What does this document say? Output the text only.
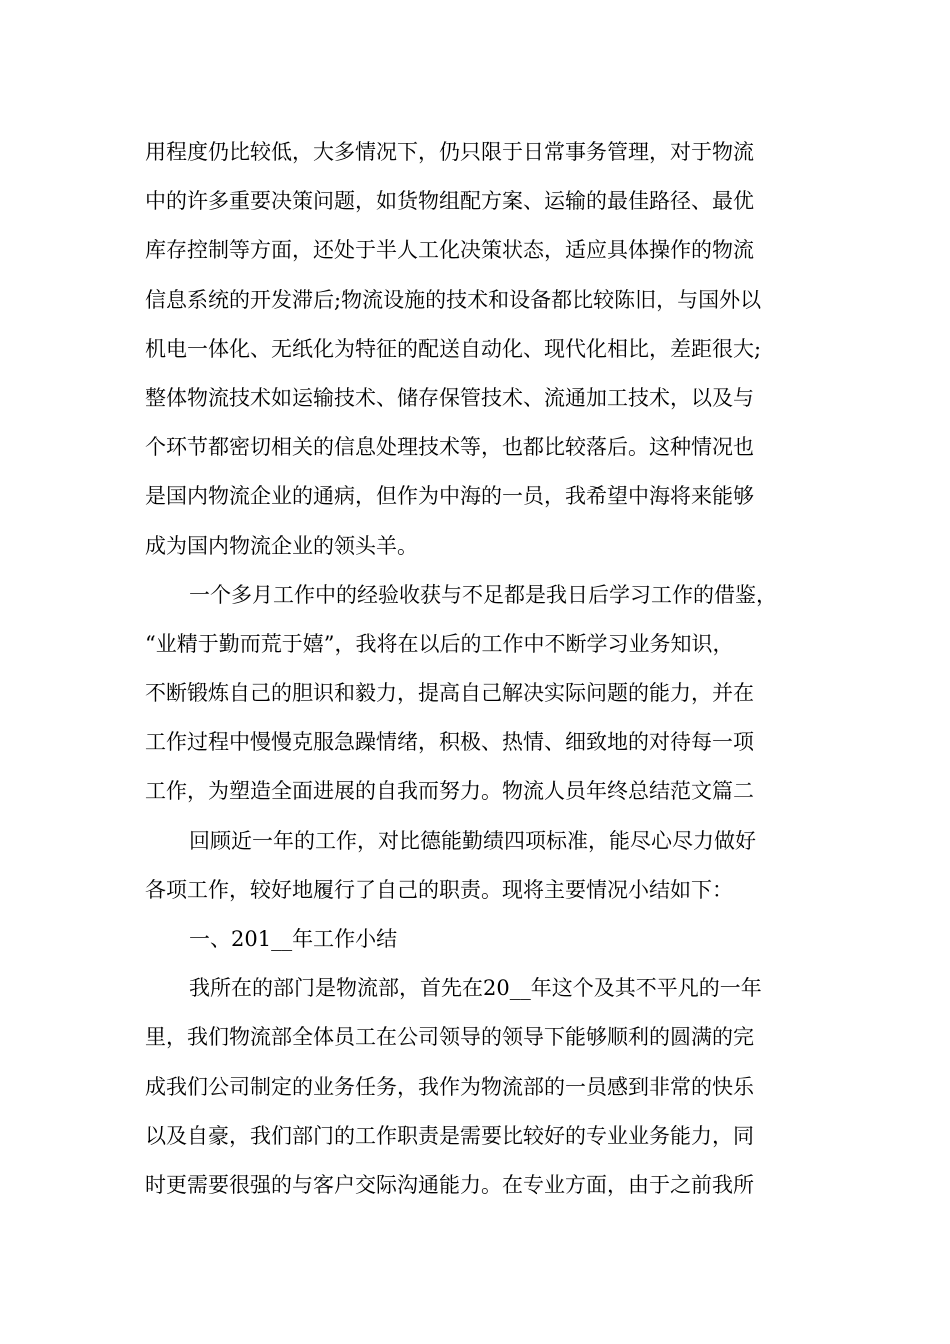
用程度仍比较低，大多情况下，仍只限于日常事务管理，对于物流
中的许多重要决策问题，如货物组配方案、运输的最佳路径、最优
库存控制等方面，还处于半人工化决策状态，适应具体操作的物流
信息系统的开发滞后;物流设施的技术和设备都比较陈旧，与国外以
机电一体化、无纸化为特征的配送自动化、现代化相比，差距很大;
整体物流技术如运输技术、储存保管技术、流通加工技术，以及与
个环节都密切相关的信息处理技术等，也都比较落后。这种情况也
是国内物流企业的通病，但作为中海的一员，我希望中海将来能够
成为国内物流企业的领头羊。
一个多月工作中的经验收获与不足都是我日后学习工作的借鉴，
“业精于勤而荒于嬉”，我将在以后的工作中不断学习业务知识，
不断锻炼自己的胆识和毅力，提高自己解决实际问题的能力，并在
工作过程中慢慢克服急躁情绪，积极、热情、细致地的对待每一项
工作，为塑造全面进展的自我而努力。物流人员年终总结范文篇二
回顾近一年的工作，对比德能勤绩四项标准，能尽心尽力做好
各项工作，较好地履行了自己的职责。现将主要情况小结如下：
一、201__年工作小结
我所在的部门是物流部，首先在20__年这个及其不平凡的一年
里，我们物流部全体员工在公司领导的领导下能够顺利的圆满的完
成我们公司制定的业务任务，我作为物流部的一员感到非常的快乐
以及自豪，我们部门的工作职责是需要比较好的专业业务能力，同
时更需要很强的与客户交际沟通能力。在专业方面，由于之前我所
